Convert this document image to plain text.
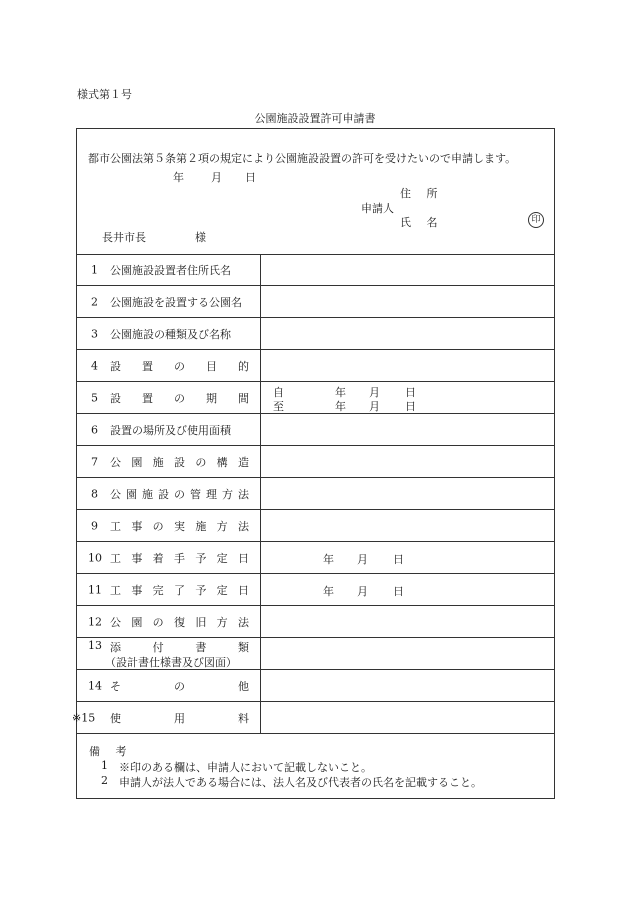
様式第１号
公園施設設置許可申請書
都市公園法第５条第２項の規定により公園施設設置の許可を受けたいので申請します。
年 月 日
住 所
申請人
氏 名	印
長井市長	様
1 公園施設設置者住所氏名
2 公園施設を設置する公園名
3 公園施設の種類及び名称
4 設 置 の 目 的
5 設 置 の 期 間 自	年 月 日
至	年 月 日
6 設置の場所及び使用面積
7 公 園 施 設 の 構 造
8 公 園 施 設 の 管 理 方 法
9 工 事 の 実 施 方 法
10 工 事 着 手 予 定 日	年 月 日
11 工 事 完 了 予 定 日	年 月 日
12 公 園 の 復 旧 方 法
13 添	付	書	類
（設計書仕様書及び図面）
14 そ	の	他
※15 使	用	料
備 考
1 ※印のある欄は、申請人において記載しないこと。
2 申請人が法人である場合には、法人名及び代表者の氏名を記載すること。
